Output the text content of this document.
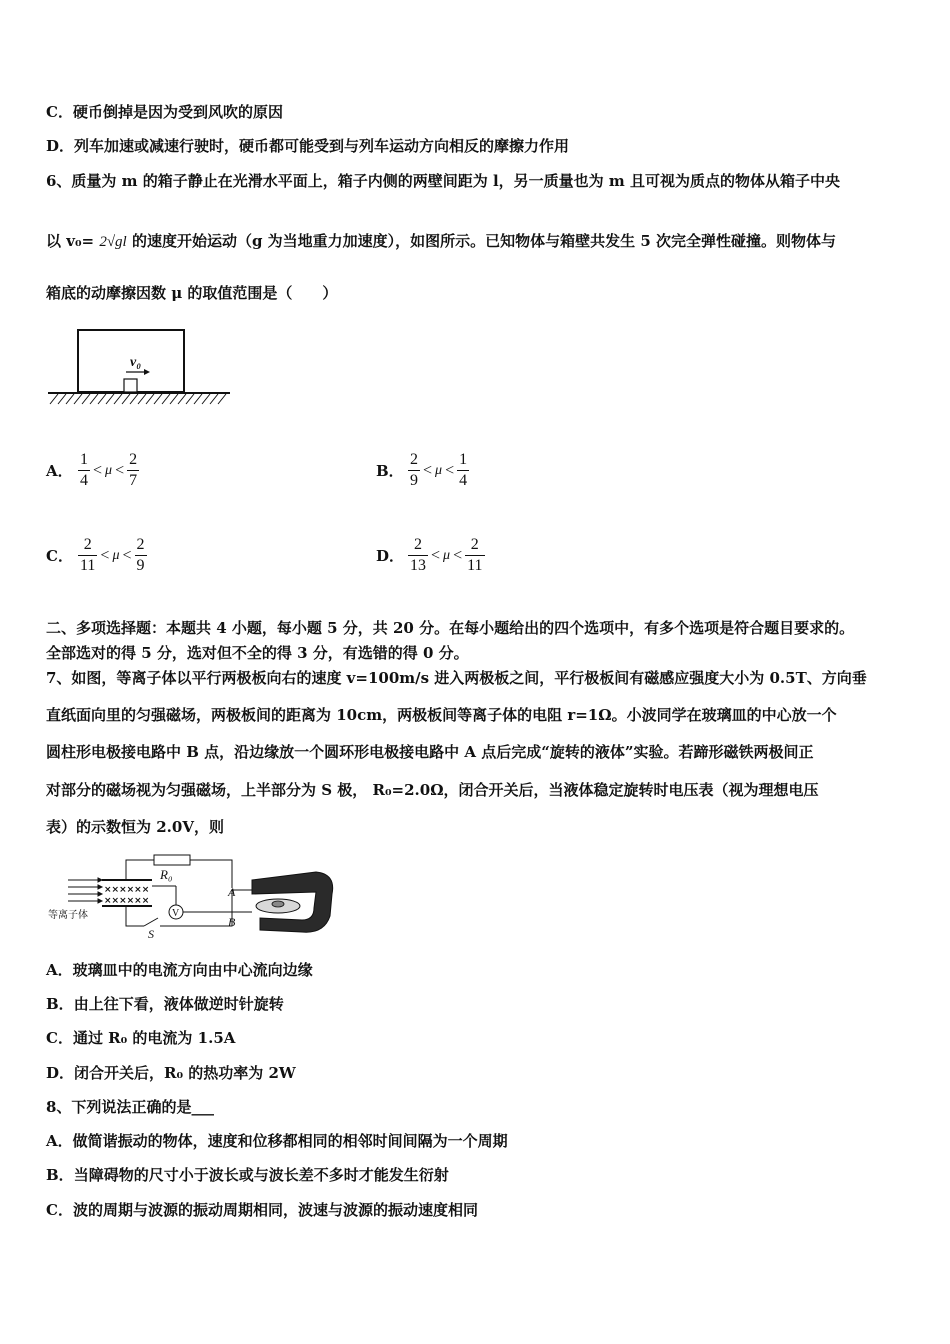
C．硬币倒掉是因为受到风吹的原因
D．列车加速或减速行驶时，硬币都可能受到与列车运动方向相反的摩擦力作用
6、质量为 m 的箱子静止在光滑水平面上，箱子内侧的两壁间距为 l，另一质量也为 m 且可视为质点的物体从箱子中央
以 v₀= 2√gl 的速度开始运动（g 为当地重力加速度），如图所示。已知物体与箱壁共发生 5 次完全弹性碰撞。则物体与
箱底的动摩擦因数 μ 的取值范围是（　　）
v₀
A． $\frac{1}{4} < \mu < \frac{2}{7}$	B． $\frac{2}{9} < \mu < \frac{1}{4}$
C． $\frac{2}{11} < \mu < \frac{2}{9}$	D． $\frac{2}{13} < \mu < \frac{2}{11}$
二、多项选择题：本题共 4 小题，每小题 5 分，共 20 分。在每小题给出的四个选项中，有多个选项是符合题目要求的。
全部选对的得 5 分，选对但不全的得 3 分，有选错的得 0 分。
7、如图，等离子体以平行两极板向右的速度 v=100m/s 进入两极板之间，平行极板间有磁感应强度大小为 0.5T、方向垂
直纸面向里的匀强磁场，两极板间的距离为 10cm，两极板间等离子体的电阻 r=1Ω。小波同学在玻璃皿的中心放一个
圆柱形电极接电路中 B 点，沿边缘放一个圆环形电极接电路中 A 点后完成“旋转的液体”实验。若蹄形磁铁两极间正
对部分的磁场视为匀强磁场，上半部分为 S 极， R₀=2.0Ω，闭合开关后，当液体稳定旋转时电压表（视为理想电压
表）的示数恒为 2.0V，则
等离子体
××××××
××××××
R₀
V
A
S
B
A．玻璃皿中的电流方向由中心流向边缘
B．由上往下看，液体做逆时针旋转
C．通过 R₀ 的电流为 1.5A
D．闭合开关后，R₀ 的热功率为 2W
8、下列说法正确的是___
A．做简谐振动的物体，速度和位移都相同的相邻时间间隔为一个周期
B．当障碍物的尺寸小于波长或与波长差不多时才能发生衍射
C．波的周期与波源的振动周期相同，波速与波源的振动速度相同
